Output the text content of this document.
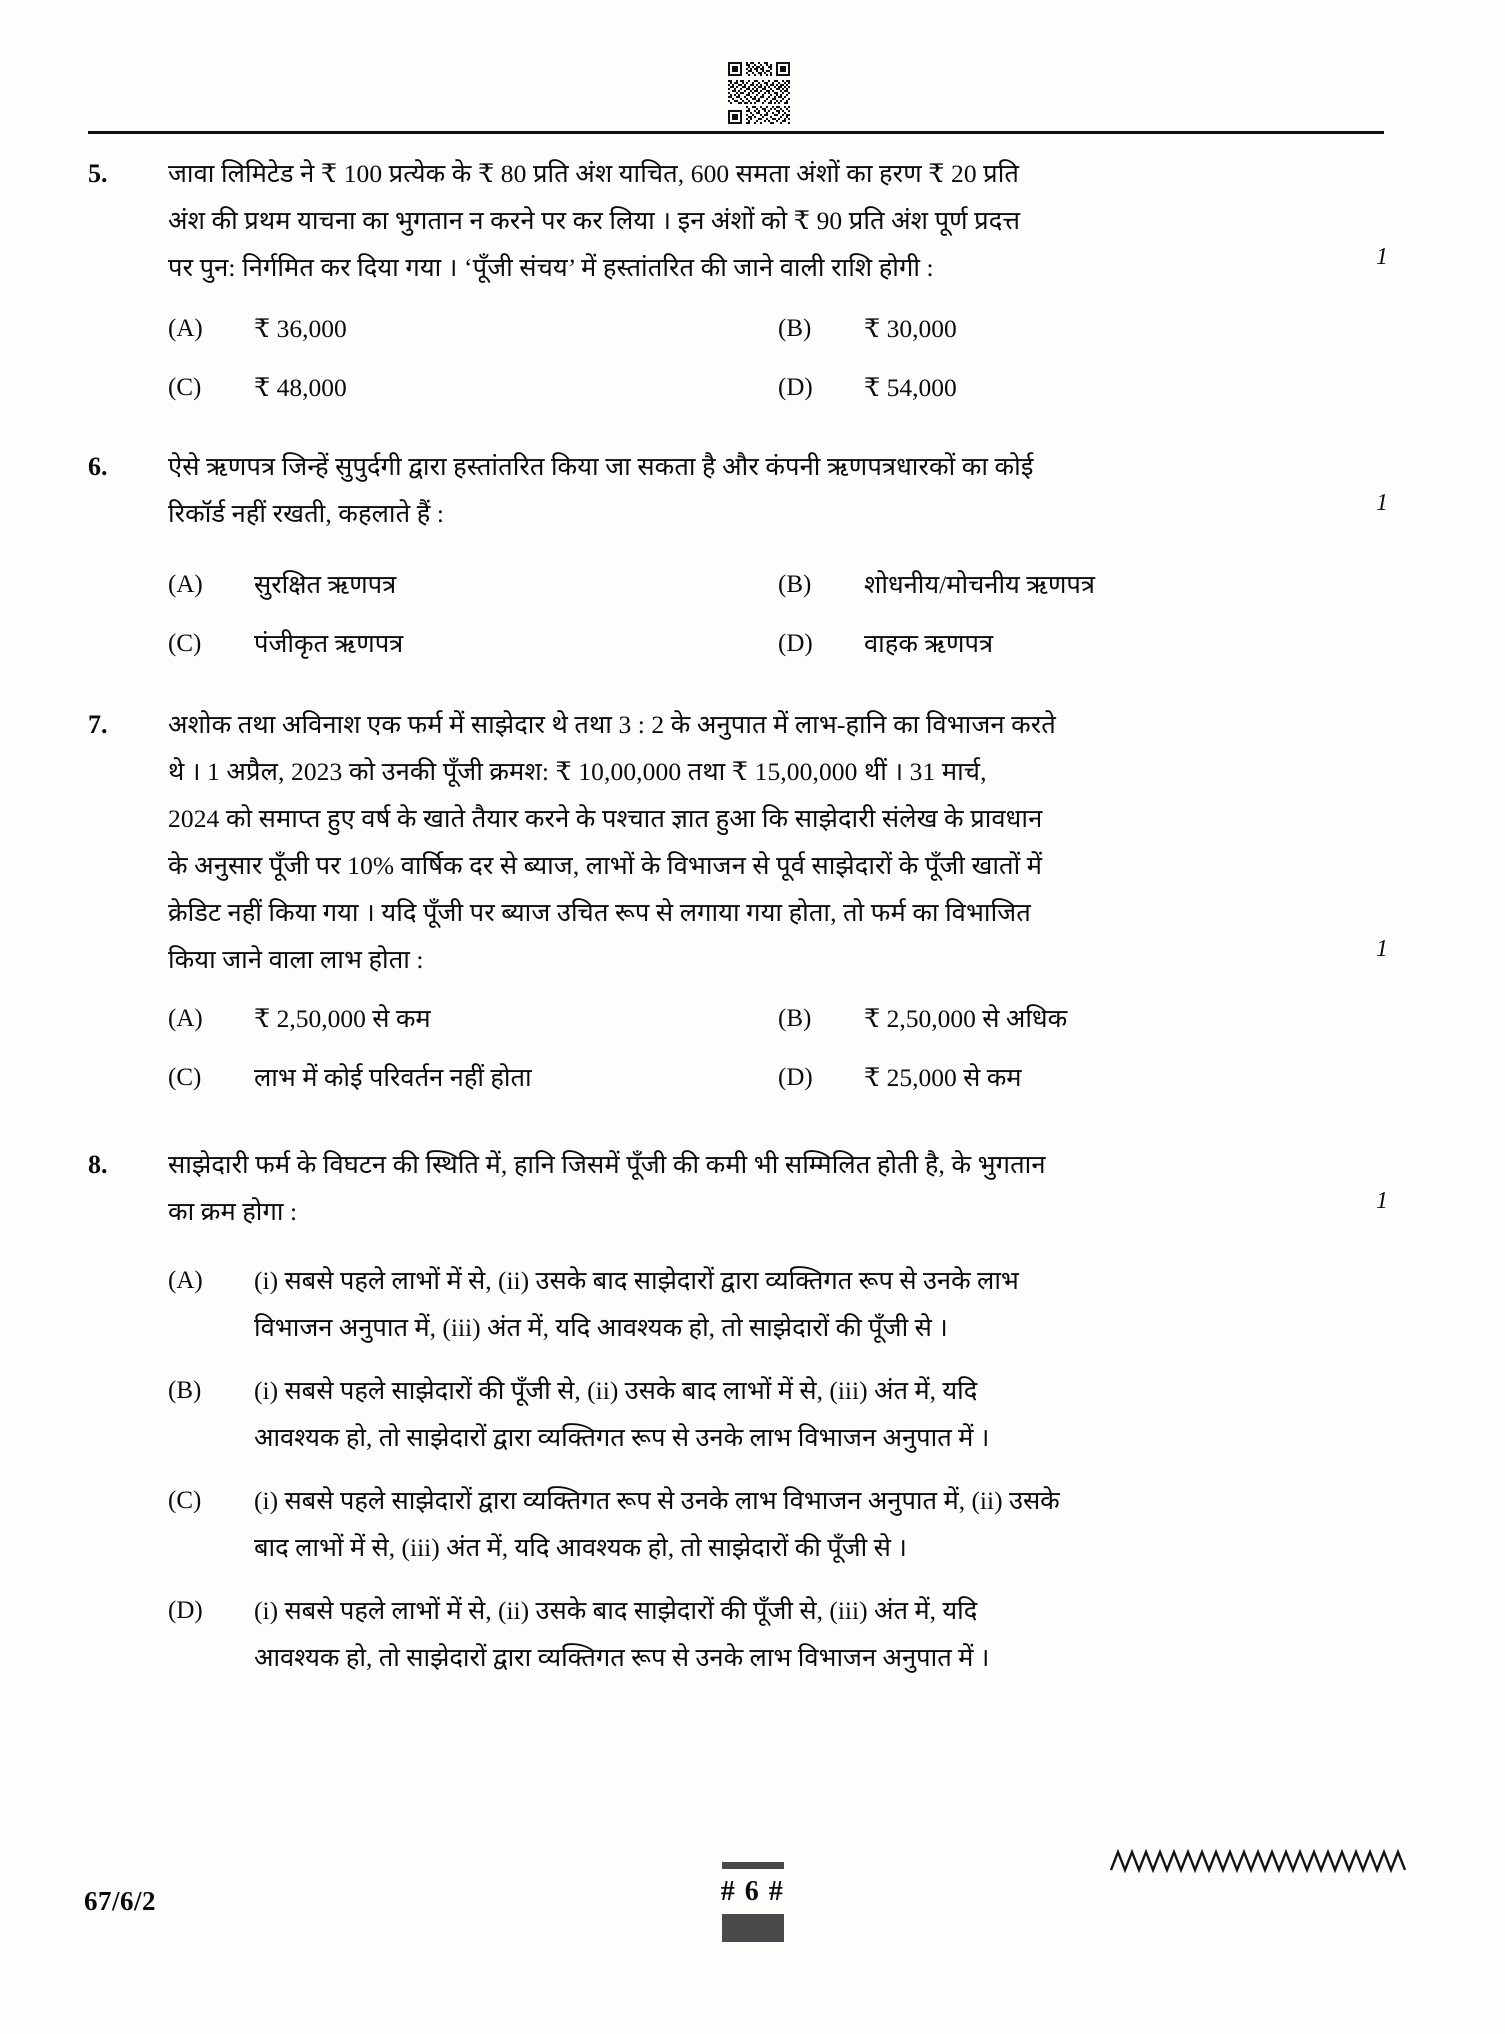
5.	जावा लिमिटेड ने ₹ 100 प्रत्येक के ₹ 80 प्रति अंश याचित, 600 समता अंशों का हरण ₹ 20 प्रति
अंश की प्रथम याचना का भुगतान न करने पर कर लिया । इन अंशों को ₹ 90 प्रति अंश पूर्ण प्रदत्त
पर पुन: निर्गमित कर दिया गया । ‘पूँजी संचय’ में हस्तांतरित की जाने वाली राशि होगी :	1
(A)	₹ 36,000	(B)	₹ 30,000
(C)	₹ 48,000	(D)	₹ 54,000
6.	ऐसे ऋणपत्र जिन्हें सुपुर्दगी द्वारा हस्तांतरित किया जा सकता है और कंपनी ऋणपत्रधारकों का कोई
रिकॉर्ड नहीं रखती, कहलाते हैं :	1
(A)	सुरक्षित ऋणपत्र	(B)	शोधनीय/मोचनीय ऋणपत्र
(C)	पंजीकृत ऋणपत्र	(D)	वाहक ऋणपत्र
7.	अशोक तथा अविनाश एक फर्म में साझेदार थे तथा 3 : 2 के अनुपात में लाभ-हानि का विभाजन करते
थे । 1 अप्रैल, 2023 को उनकी पूँजी क्रमश: ₹ 10,00,000 तथा ₹ 15,00,000 थीं । 31 मार्च,
2024 को समाप्त हुए वर्ष के खाते तैयार करने के पश्चात ज्ञात हुआ कि साझेदारी संलेख के प्रावधान
के अनुसार पूँजी पर 10% वार्षिक दर से ब्याज, लाभों के विभाजन से पूर्व साझेदारों के पूँजी खातों में
क्रेडिट नहीं किया गया । यदि पूँजी पर ब्याज उचित रूप से लगाया गया होता, तो फर्म का विभाजित
किया जाने वाला लाभ होता :	1
(A)	₹ 2,50,000 से कम	(B)	₹ 2,50,000 से अधिक
(C)	लाभ में कोई परिवर्तन नहीं होता	(D)	₹ 25,000 से कम
8.	साझेदारी फर्म के विघटन की स्थिति में, हानि जिसमें पूँजी की कमी भी सम्मिलित होती है, के भुगतान
का क्रम होगा :	1
(A)	(i) सबसे पहले लाभों में से, (ii) उसके बाद साझेदारों द्वारा व्यक्तिगत रूप से उनके लाभ
विभाजन अनुपात में, (iii) अंत में, यदि आवश्यक हो, तो साझेदारों की पूँजी से ।
(B)	(i) सबसे पहले साझेदारों की पूँजी से, (ii) उसके बाद लाभों में से, (iii) अंत में, यदि
आवश्यक हो, तो साझेदारों द्वारा व्यक्तिगत रूप से उनके लाभ विभाजन अनुपात में ।
(C)	(i) सबसे पहले साझेदारों द्वारा व्यक्तिगत रूप से उनके लाभ विभाजन अनुपात में, (ii) उसके
बाद लाभों में से, (iii) अंत में, यदि आवश्यक हो, तो साझेदारों की पूँजी से ।
(D)	(i) सबसे पहले लाभों में से, (ii) उसके बाद साझेदारों की पूँजी से, (iii) अंत में, यदि
आवश्यक हो, तो साझेदारों द्वारा व्यक्तिगत रूप से उनके लाभ विभाजन अनुपात में ।
67/6/2	# 6 #
